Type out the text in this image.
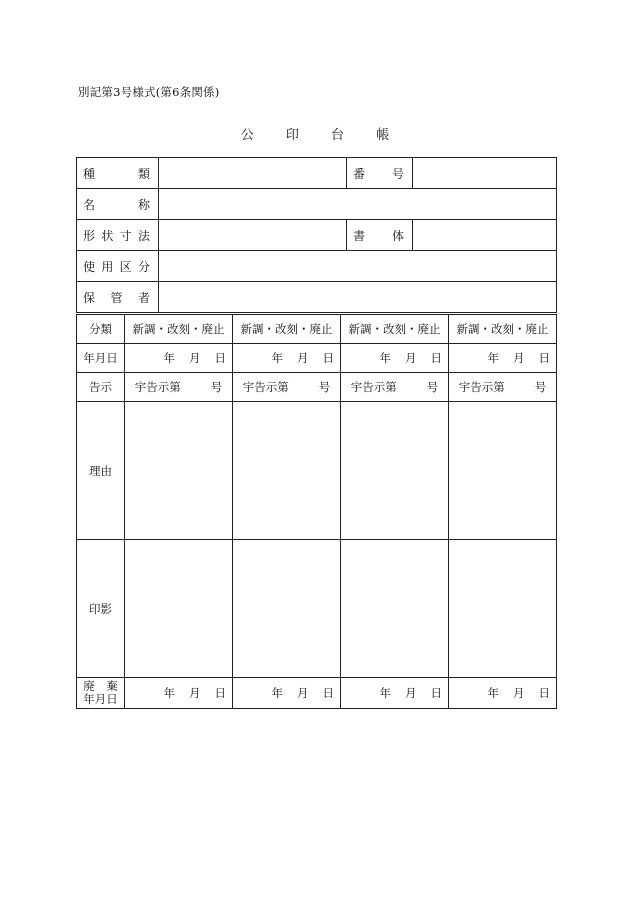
別記第3号様式(第6条関係)
公 印 台 帳
種 類		番 号	

名 称			

形 状 寸 法		書 体	

使 用 区 分			

保 管 者			

分類	新調・改刻・廃止	新調・改刻・廃止	新調・改刻・廃止	新調・改刻・廃止
年月日	年 月 日	年 月 日	年 月 日	年 月 日
告示	宇告示第 号	宇告示第 号	宇告示第 号	宇告示第 号
理由				
印影				

廃　棄
年月日	年 月 日	年 月 日	年 月 日	年 月 日
